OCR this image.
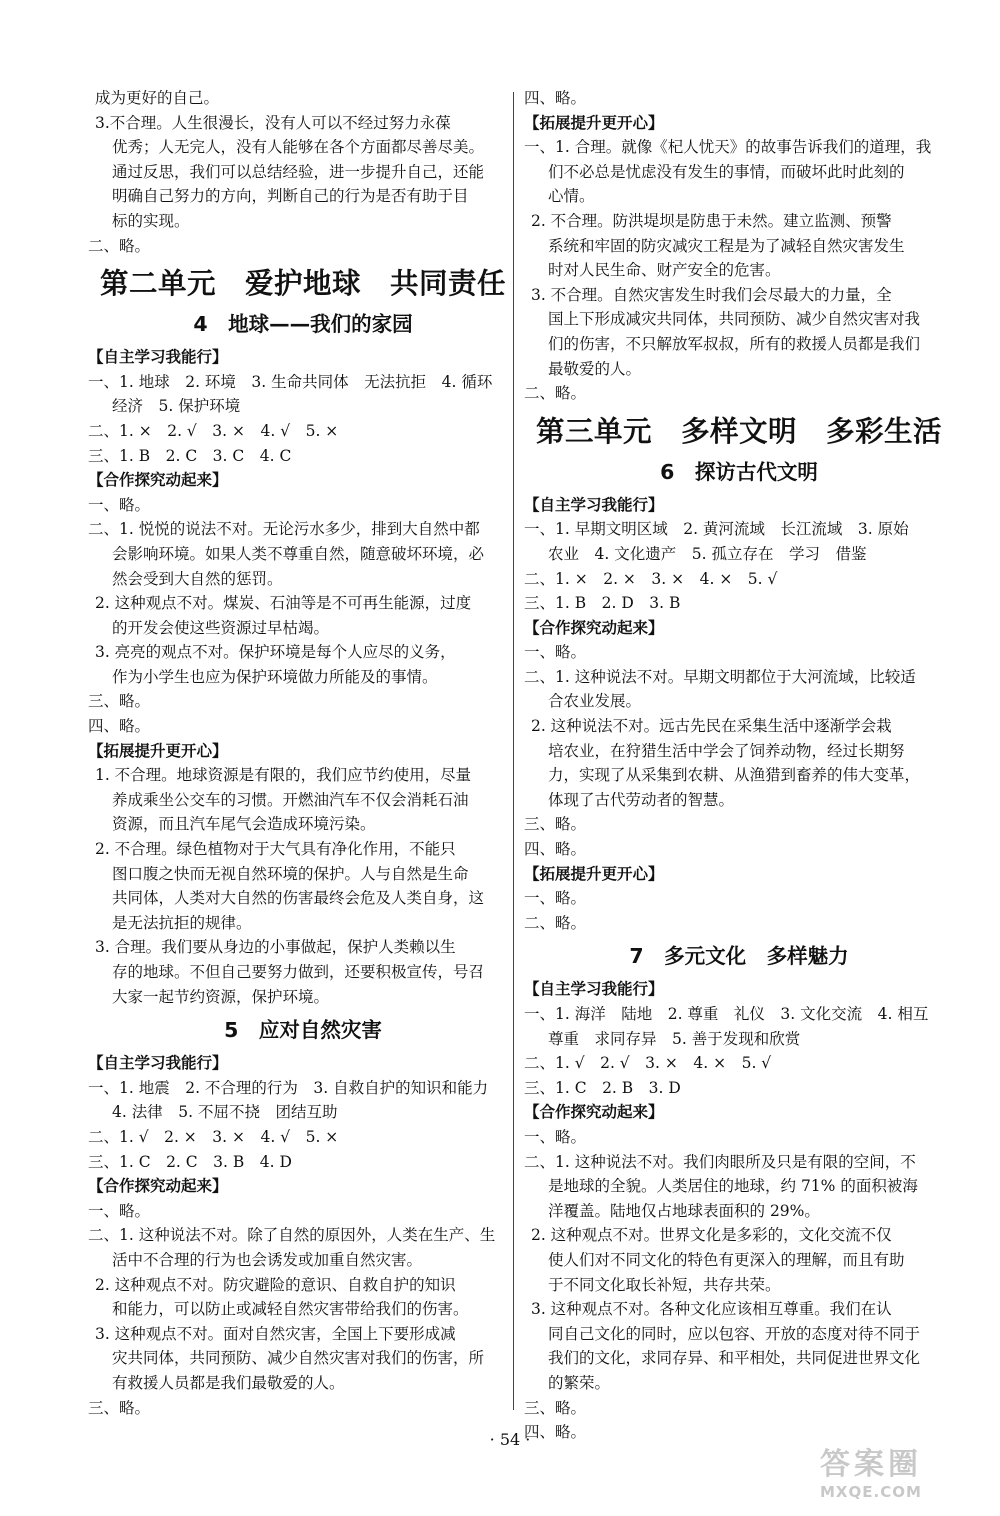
成为更好的自己。
3.不合理。人生很漫长，没有人可以不经过努力永葆
优秀；人无完人，没有人能够在各个方面都尽善尽美。
通过反思，我们可以总结经验，进一步提升自己，还能
明确自己努力的方向，判断自己的行为是否有助于目
标的实现。
二、略。
第二单元　爱护地球　共同责任
4　地球——我们的家园
【自主学习我能行】
一、1. 地球　2. 环境　3. 生命共同体　无法抗拒　4. 循环
经济　5. 保护环境
二、1. ×　2. √　3. ×　4. √　5. ×
三、1. B　2. C　3. C　4. C
【合作探究动起来】
一、略。
二、1. 悦悦的说法不对。无论污水多少，排到大自然中都
会影响环境。如果人类不尊重自然，随意破坏环境，必
然会受到大自然的惩罚。
2. 这种观点不对。煤炭、石油等是不可再生能源，过度
的开发会使这些资源过早枯竭。
3. 亮亮的观点不对。保护环境是每个人应尽的义务，
作为小学生也应为保护环境做力所能及的事情。
三、略。
四、略。
【拓展提升更开心】
1. 不合理。地球资源是有限的，我们应节约使用，尽量
养成乘坐公交车的习惯。开燃油汽车不仅会消耗石油
资源，而且汽车尾气会造成环境污染。
2. 不合理。绿色植物对于大气具有净化作用，不能只
图口腹之快而无视自然环境的保护。人与自然是生命
共同体，人类对大自然的伤害最终会危及人类自身，这
是无法抗拒的规律。
3. 合理。我们要从身边的小事做起，保护人类赖以生
存的地球。不但自己要努力做到，还要积极宣传，号召
大家一起节约资源，保护环境。
5　应对自然灾害
【自主学习我能行】
一、1. 地震　2. 不合理的行为　3. 自救自护的知识和能力
4. 法律　5. 不屈不挠　团结互助
二、1. √　2. ×　3. ×　4. √　5. ×
三、1. C　2. C　3. B　4. D
【合作探究动起来】
一、略。
二、1. 这种说法不对。除了自然的原因外，人类在生产、生
活中不合理的行为也会诱发或加重自然灾害。
2. 这种观点不对。防灾避险的意识、自救自护的知识
和能力，可以防止或减轻自然灾害带给我们的伤害。
3. 这种观点不对。面对自然灾害，全国上下要形成减
灾共同体，共同预防、减少自然灾害对我们的伤害，所
有救援人员都是我们最敬爱的人。
三、略。
四、略。
【拓展提升更开心】
一、1. 合理。就像《杞人忧天》的故事告诉我们的道理，我
们不必总是忧虑没有发生的事情，而破坏此时此刻的
心情。
2. 不合理。防洪堤坝是防患于未然。建立监测、预警
系统和牢固的防灾减灾工程是为了减轻自然灾害发生
时对人民生命、财产安全的危害。
3. 不合理。自然灾害发生时我们会尽最大的力量，全
国上下形成减灾共同体，共同预防、减少自然灾害对我
们的伤害，不只解放军叔叔，所有的救援人员都是我们
最敬爱的人。
二、略。
第三单元　多样文明　多彩生活
6　探访古代文明
【自主学习我能行】
一、1. 早期文明区域　2. 黄河流域　长江流域　3. 原始
农业　4. 文化遗产　5. 孤立存在　学习　借鉴
二、1. ×　2. ×　3. ×　4. ×　5. √
三、1. B　2. D　3. B
【合作探究动起来】
一、略。
二、1. 这种说法不对。早期文明都位于大河流域，比较适
合农业发展。
2. 这种说法不对。远古先民在采集生活中逐渐学会栽
培农业，在狩猎生活中学会了饲养动物，经过长期努
力，实现了从采集到农耕、从渔猎到畜养的伟大变革，
体现了古代劳动者的智慧。
三、略。
四、略。
【拓展提升更开心】
一、略。
二、略。
7　多元文化　多样魅力
【自主学习我能行】
一、1. 海洋　陆地　2. 尊重　礼仪　3. 文化交流　4. 相互
尊重　求同存异　5. 善于发现和欣赏
二、1. √　2. √　3. ×　4. ×　5. √
三、1. C　2. B　3. D
【合作探究动起来】
一、略。
二、1. 这种说法不对。我们肉眼所及只是有限的空间，不
是地球的全貌。人类居住的地球，约 71% 的面积被海
洋覆盖。陆地仅占地球表面积的 29%。
2. 这种观点不对。世界文化是多彩的，文化交流不仅
使人们对不同文化的特色有更深入的理解，而且有助
于不同文化取长补短，共存共荣。
3. 这种观点不对。各种文化应该相互尊重。我们在认
同自己文化的同时，应以包容、开放的态度对待不同于
我们的文化，求同存异、和平相处，共同促进世界文化
的繁荣。
三、略。
四、略。
· 54 ·
答案圈
MXQE.COM
